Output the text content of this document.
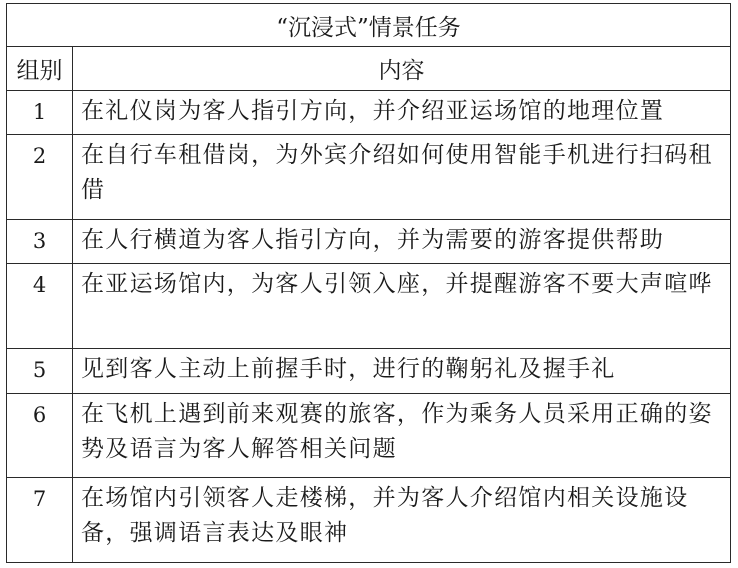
“沉浸式”情景任务	
组别	内容
1	在礼仪岗为客人指引方向，并介绍亚运场馆的地理位置
2	在自行车租借岗，为外宾介绍如何使用智能手机进行扫码租借
3	在人行横道为客人指引方向，并为需要的游客提供帮助
4	在亚运场馆内，为客人引领入座，并提醒游客不要大声喧哗
5	见到客人主动上前握手时，进行的鞠躬礼及握手礼
6	在飞机上遇到前来观赛的旅客，作为乘务人员采用正确的姿势及语言为客人解答相关问题
7	在场馆内引领客人走楼梯，并为客人介绍馆内相关设施设备，强调语言表达及眼神
